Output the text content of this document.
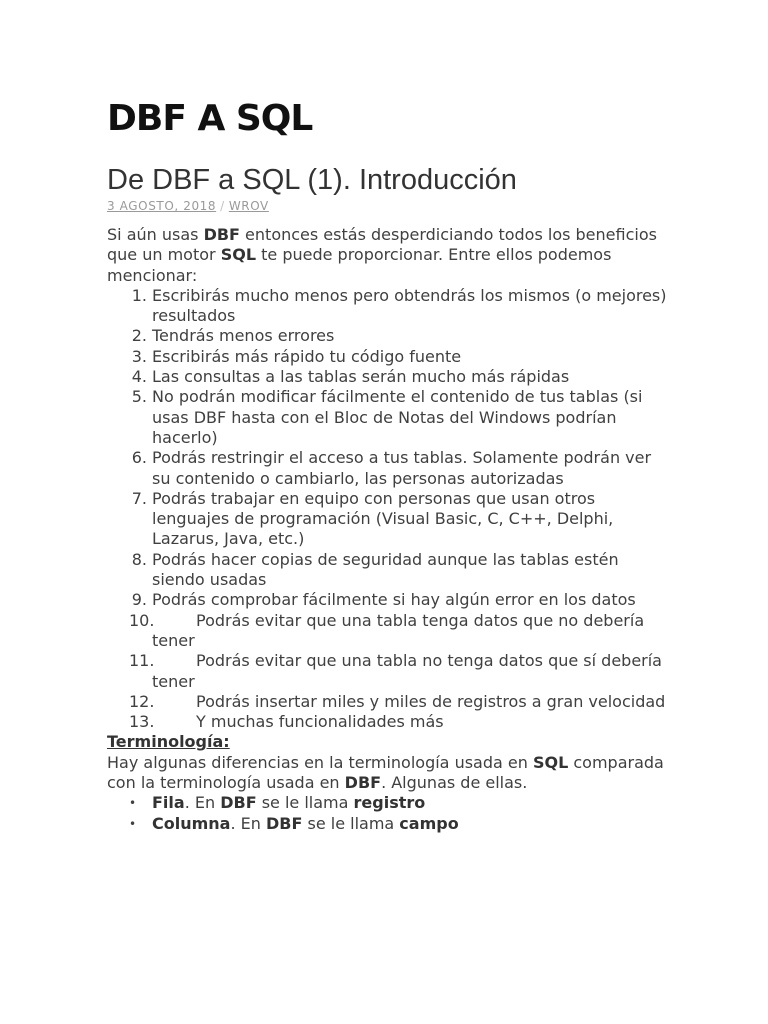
DBF A SQL
De DBF a SQL (1). Introducción
3 AGOSTO, 2018 / WROV

Si aún usas DBF entonces estás desperdiciando todos los beneficios que un motor SQL te puede proporcionar. Entre ellos podemos mencionar:

1. Escribirás mucho menos pero obtendrás los mismos (o mejores) resultados
2. Tendrás menos errores
3. Escribirás más rápido tu código fuente
4. Las consultas a las tablas serán mucho más rápidas
5. No podrán modificar fácilmente el contenido de tus tablas (si usas DBF hasta con el Bloc de Notas del Windows podrían hacerlo)
6. Podrás restringir el acceso a tus tablas. Solamente podrán ver su contenido o cambiarlo, las personas autorizadas
7. Podrás trabajar en equipo con personas que usan otros lenguajes de programación (Visual Basic, C, C++, Delphi, Lazarus, Java, etc.)
8. Podrás hacer copias de seguridad aunque las tablas estén siendo usadas
9. Podrás comprobar fácilmente si hay algún error en los datos
10.	Podrás evitar que una tabla tenga datos que no debería tener
11.	Podrás evitar que una tabla no tenga datos que sí debería tener
12.	Podrás insertar miles y miles de registros a gran velocidad
13.	Y muchas funcionalidades más
Terminología:

Hay algunas diferencias en la terminología usada en SQL comparada con la terminología usada en DBF. Algunas de ellas.

• Fila. En DBF se le llama registro
• Columna. En DBF se le llama campo
